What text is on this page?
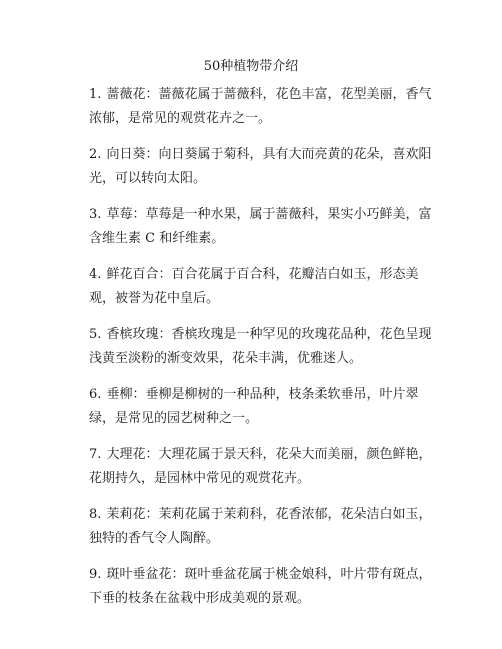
50种植物带介绍
1. 蔷薇花：蔷薇花属于蔷薇科，花色丰富，花型美丽，香气浓郁，是常见的观赏花卉之一。
2. 向日葵：向日葵属于菊科，具有大而亮黄的花朵，喜欢阳光，可以转向太阳。
3. 草莓：草莓是一种水果，属于蔷薇科，果实小巧鲜美，富含维生素 C 和纤维素。
4. 鲜花百合：百合花属于百合科，花瓣洁白如玉，形态美观，被誉为花中皇后。
5. 香槟玫瑰：香槟玫瑰是一种罕见的玫瑰花品种，花色呈现浅黄至淡粉的渐变效果，花朵丰满，优雅迷人。
6. 垂柳：垂柳是柳树的一种品种，枝条柔软垂吊，叶片翠绿，是常见的园艺树种之一。
7. 大理花：大理花属于景天科，花朵大而美丽，颜色鲜艳，花期持久，是园林中常见的观赏花卉。
8. 茉莉花：茉莉花属于茉莉科，花香浓郁，花朵洁白如玉，独特的香气令人陶醉。
9. 斑叶垂盆花：斑叶垂盆花属于桃金娘科，叶片带有斑点，下垂的枝条在盆栽中形成美观的景观。
